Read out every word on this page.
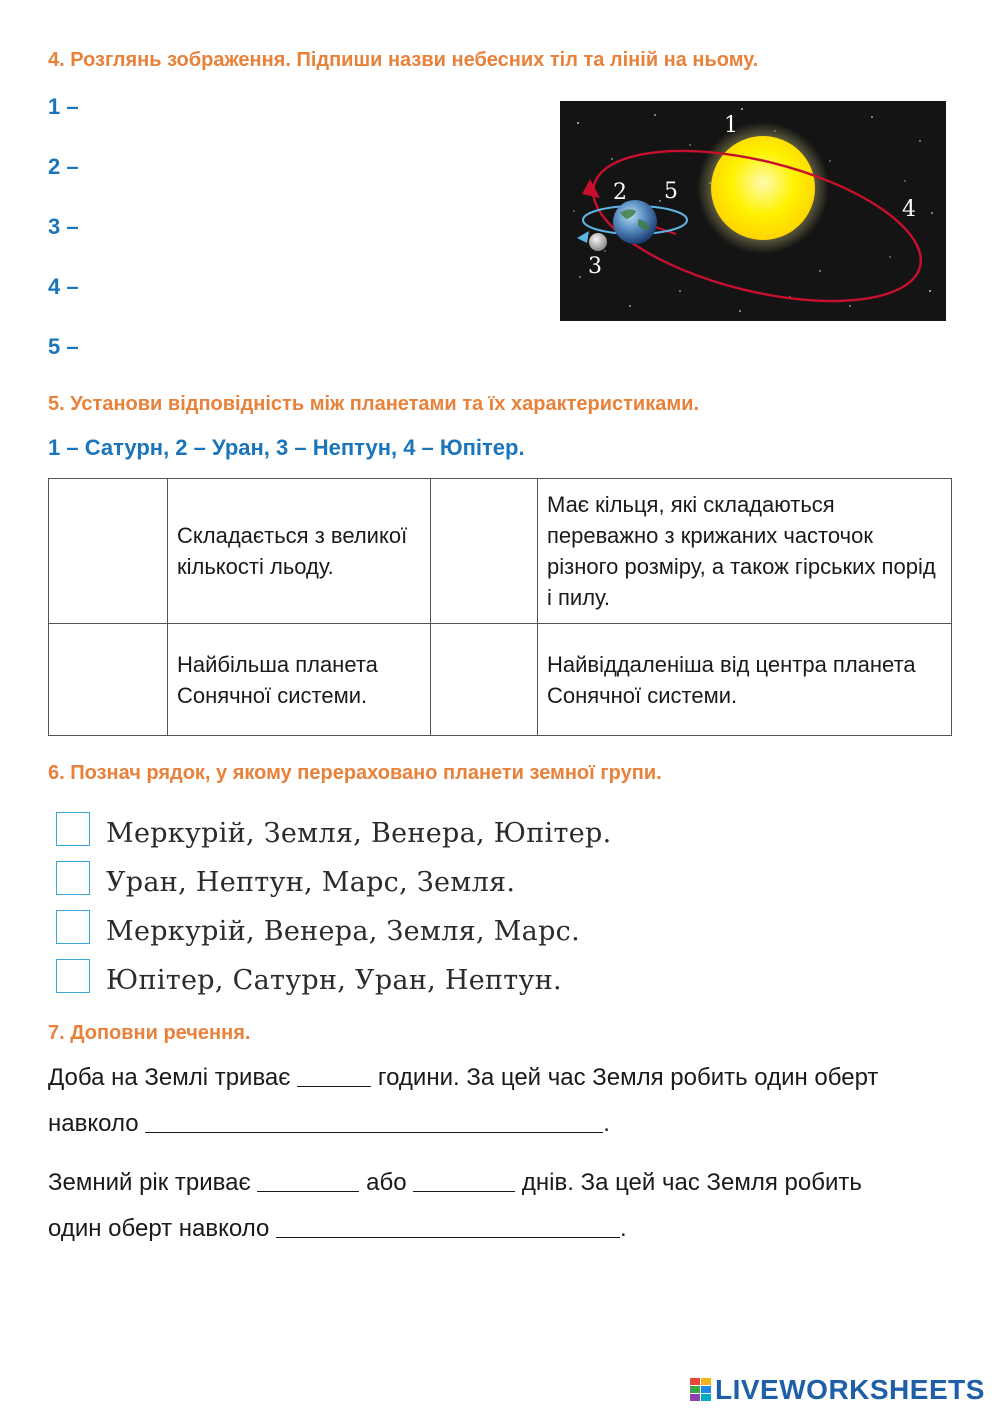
4. Розглянь зображення. Підпиши назви небесних тіл та ліній на ньому.
1 –
2 –
3 –
4 –
5 –
1
2
3
4
5
5. Установи відповідність між планетами та їх характеристиками.
1 – Сатурн, 2 – Уран, 3 – Нептун, 4 – Юпітер.
	Складається з великої кількості льоду.		Має кільця, які складаються переважно з крижаних часточок різного розміру, а також гірських порід і пилу.
	Найбільша планета Сонячної системи.		Найвіддаленіша від центра планета Сонячної системи.
6. Познач рядок, у якому перераховано планети земної групи.
Меркурій, Земля, Венера, Юпітер.
Уран, Нептун, Марс, Земля.
Меркурій, Венера, Земля, Марс.
Юпітер, Сатурн, Уран, Нептун.
7. Доповни речення.
Доба на Землі триває	години. За цей час Земля робить один оберт
навколо	.
Земний рік триває	або	днів. За цей час Земля робить
один оберт навколо	.
LIVEWORKSHEETS
